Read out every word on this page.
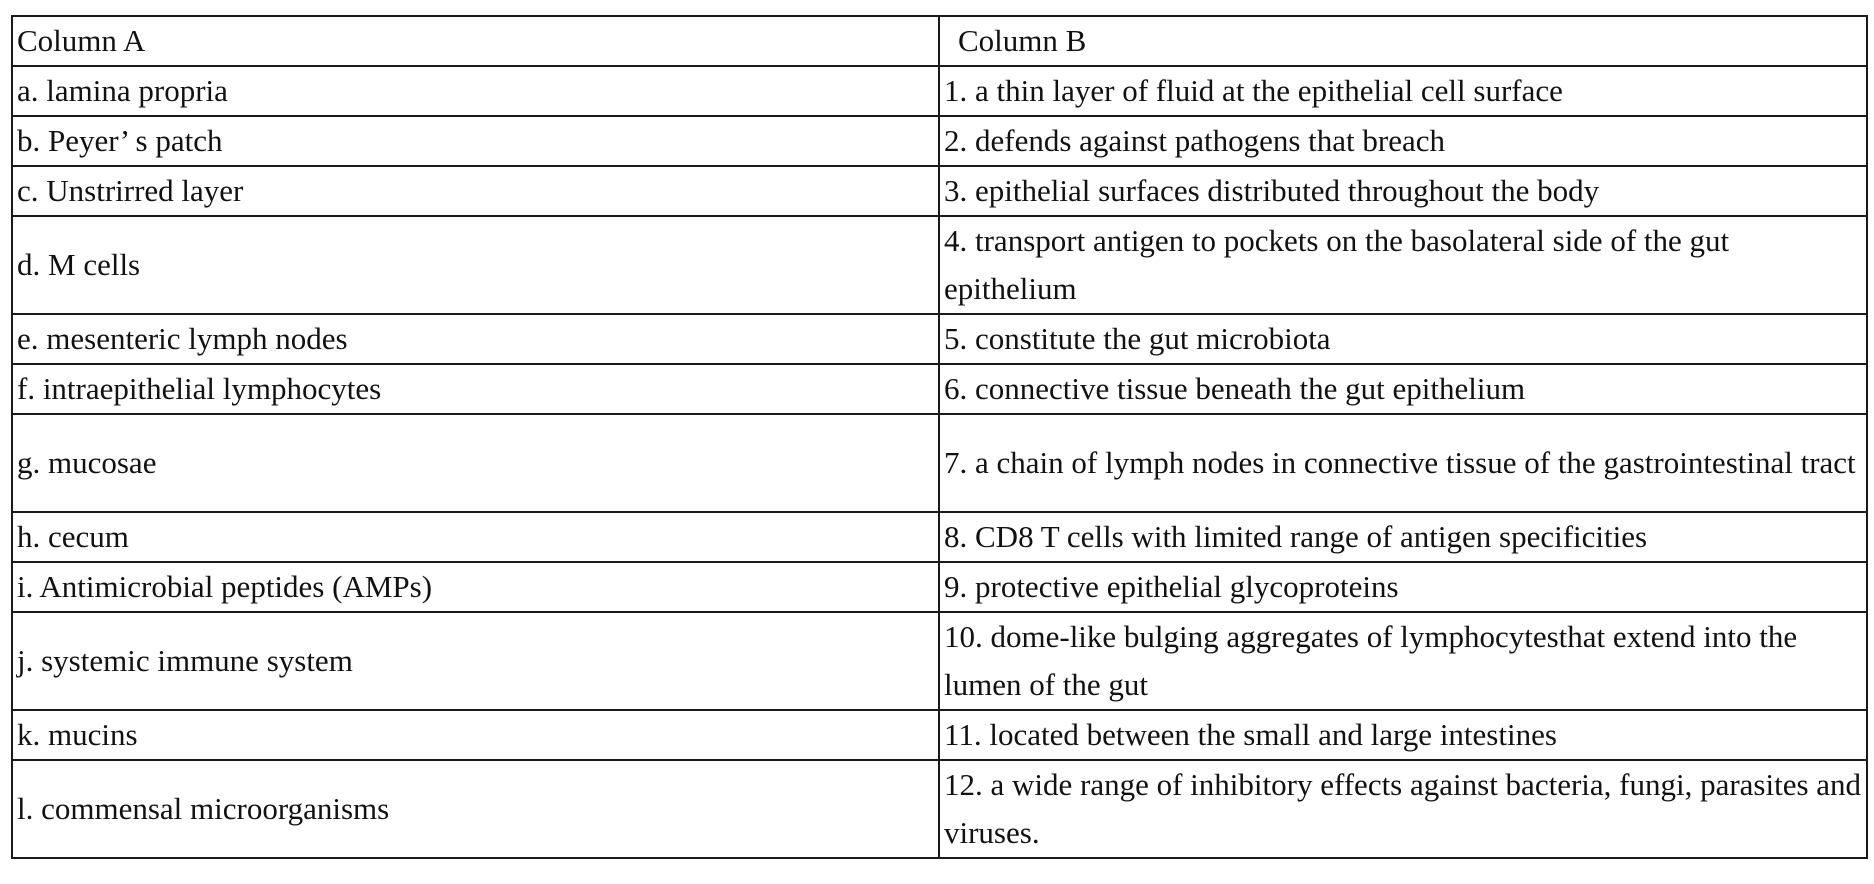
Column A	Column B
a. lamina propria	1. a thin layer of fluid at the epithelial cell surface
b. Peyer’ s patch	2. defends against pathogens that breach
c. Unstrirred layer	3. epithelial surfaces distributed throughout the body
d. M cells	4. transport antigen to pockets on the basolateral side of the gut epithelium
e. mesenteric lymph nodes	5. constitute the gut microbiota
f. intraepithelial lymphocytes	6. connective tissue beneath the gut epithelium
g. mucosae	7. a chain of lymph nodes in connective tissue of the gastrointestinal tract
h. cecum	8. CD8 T cells with limited range of antigen specificities
i. Antimicrobial peptides (AMPs)	9. protective epithelial glycoproteins
j. systemic immune system	10. dome-like bulging aggregates of lymphocytesthat extend into the lumen of the gut
k. mucins	11. located between the small and large intestines
l. commensal microorganisms	12. a wide range of inhibitory effects against bacteria, fungi, parasites and viruses.
